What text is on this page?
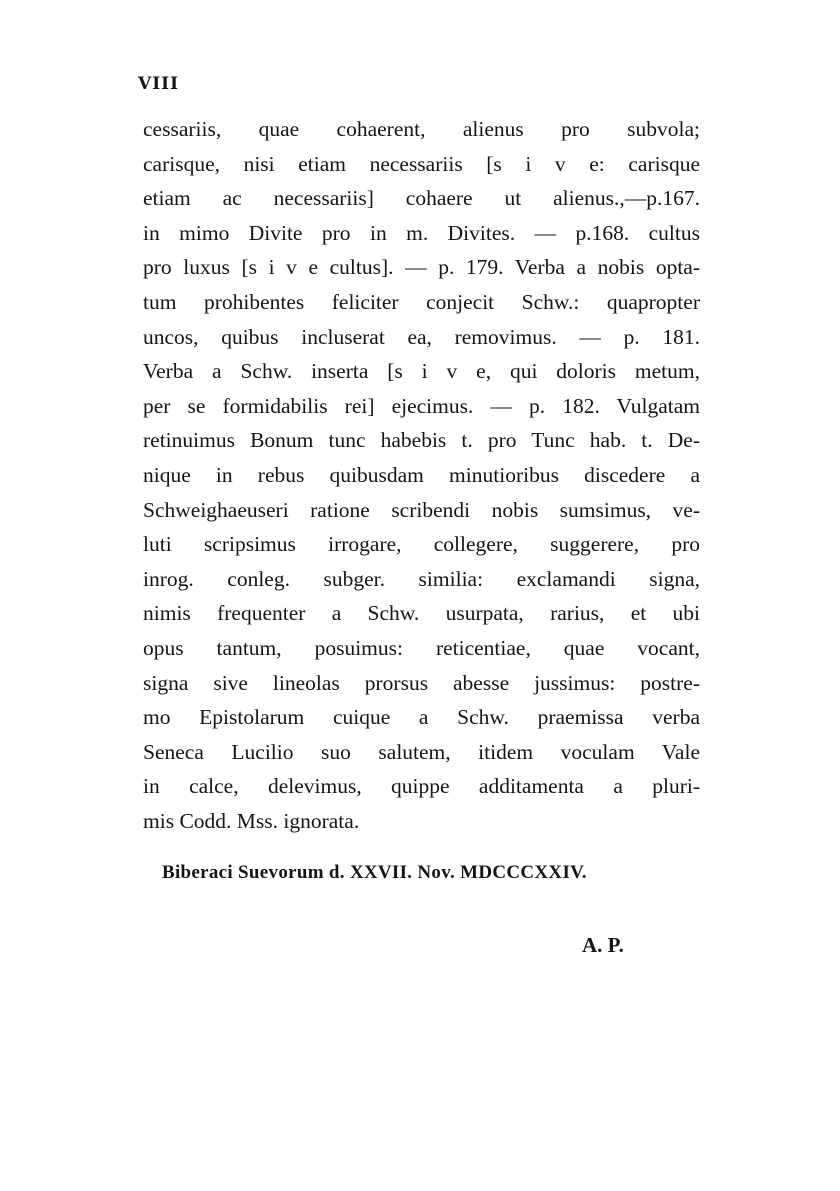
VIII
cessariis, quae cohaerent, alienus pro subvola;
carisque, nisi etiam necessariis [s i v e: carisque
etiam ac necessariis] cohaere ut alienus.,—p.167.
in mimo Divite pro in m. Divites. — p.168. cultus
pro luxus [s i v e cultus]. — p. 179. Verba a nobis opta-
tum prohibentes feliciter conjecit Schw.: quapropter
uncos, quibus incluserat ea, removimus. — p. 181.
Verba a Schw. inserta [s i v e, qui doloris metum,
per se formidabilis rei] ejecimus. — p. 182. Vulgatam
retinuimus Bonum tunc habebis t. pro Tunc hab. t. De-
nique in rebus quibusdam minutioribus discedere a
Schweighaeuseri ratione scribendi nobis sumsimus, ve-
luti scripsimus irrogare, collegere, suggerere, pro
inrog. conleg. subger. similia: exclamandi signa,
nimis frequenter a Schw. usurpata, rarius, et ubi
opus tantum, posuimus: reticentiae, quae vocant,
signa sive lineolas prorsus abesse jussimus: postre-
mo Epistolarum cuique a Schw. praemissa verba
Seneca Lucilio suo salutem, itidem voculam Vale
in calce, delevimus, quippe additamenta a pluri-
mis Codd. Mss. ignorata.
Biberaci Suevorum d. XXVII. Nov. MDCCCXXIV.
A. P.
